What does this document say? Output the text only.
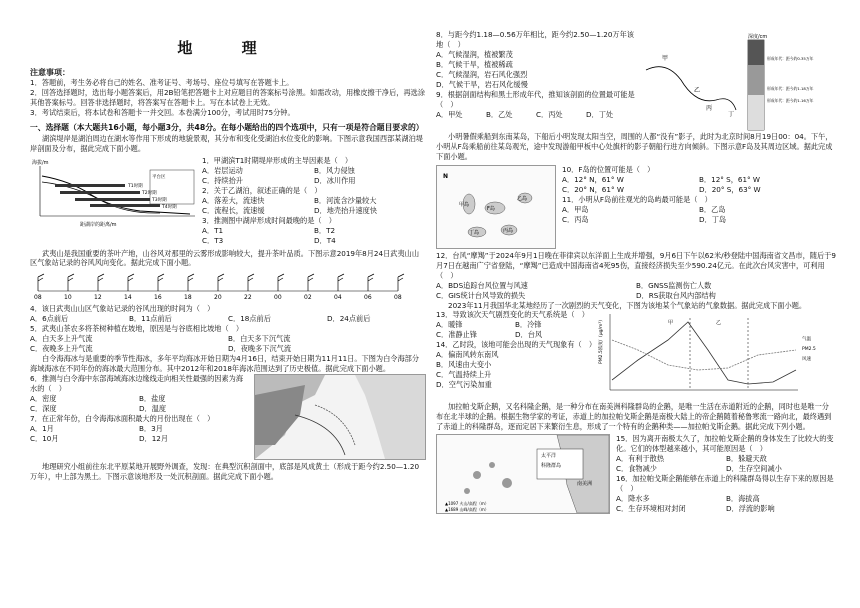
地 理

注意事项：

1．答题前，考生务必将自己的姓名、准考证号、考场号、座位号填写在答题卡上。

2．回答选择题时，选出每小题答案后，用2B铅笔把答题卡上对应题目的答案标号涂黑。如需改动，用橡皮擦干净后，再选涂其他答案标号。回答非选择题时，将答案写在答题卡上。写在本试卷上无效。

3．考试结束后，将本试卷和答题卡一并交回。本卷满分100分，考试用时75分钟。

一、选择题（本大题共16小题，每小题3分，共48分。在每小题给出的四个选项中，只有一项是符合题目要求的）

湖滨堤岸是湖泊周边在湖水等作用下形成的地貌景观，其分布和变化受湖泊水位变化的影响。下图示意我国西部某湖泊堤岸剖面及分布，据此完成下面小题。

海拔/m
平台区
T1时期
T2时期
T3时期
T4时期
距湖岸的距离/m

1．甲湖滨T1时期堤岸形成的主导因素是（　）

A．岩层运动	B．风力侵蚀
C．持续抬升	D．冰川作用

2．关于乙湖泊，叙述正确的是（　）

A．落差大，流速快	B．河流含沙量较大
C．流程长，流速缓	D．地壳抬升速度快

3．推测图中湖岸形成时间最晚的是（　）

A．T1	B．T2
C．T3	D．T4

武夷山是我国重要的茶叶产地，山谷风对那里的云雾形成影响较大，提升茶叶品质。下图示意2019年8月24日武夷山山区气象站记录的谷风风向变化。据此完成下面小题。

08	10	12	14	16	18	20	22	00	02	04	06	08

4．该日武夷山山区气象站记录的谷风出现的时间为（　）

A．6点前后	B．11点前后	C．18点前后	D．24点前后

5．武夷山茶农多将茶树种植在坡地，原因是与谷底相比坡地（　）

A．白天多上升气流	B．白天多下沉气流
C．夜晚多上升气流	D．夜晚多下沉气流

白令海海冰与是重要的季节性海冰，多年平均海冰开始日期为4月16日，结束开始日期为11月11日。下图为白令海部分海域海冰在不同年份的海冰最大范围分布。其中2012年和2018年海冰范围达到了历史极值。据此完成下面小题。

6．推测与白令海中东部海域海冰边缘线走向相关性最强的因素为海水的（　）

A．密度	B．盐度
C．深度	D．温度

7．在正常年份，白令海海冰面积最大的月份出现在（　）

A．1月	B．3月
C．10月	D．12月

地理研究小组前往东北平原某地开展野外调查，发现：在典型沉积剖面中，底部是风成黄土（形成于距今约2.50—1.20万年），中上部为黑土。下图示意该地形及一处沉积剖面。据此完成下面小题。

8．与距今约1.18—0.56万年相比，距今约2.50—1.20万年该地（　）

A．气候湿润，植被繁茂

B．气候干旱，植被稀疏

C．气候湿润，岩石风化强烈

D．气候干旱，岩石风化缓慢

9．根据剖面结构和黑土形成年代，推知该剖面的位置最可能是（　）

A．甲处	B．乙处	C．丙处	D．丁处
甲
乙
丙
丁
深度/cm
形成年代：距今约0.35万年
形成年代：距今约1.18万年
形成年代：距今约1.16万年

小明暑假乘船到东南某岛，下船后小明发现太阳当空，周围的人都“没有”影子，此时为北京时间8月19日00：04。下午，小明从F岛乘船前往某岛观光，途中发现游船甲板中心处旗杆的影子朝船行进方向倾斜。下图示意F岛及其周边区域。据此完成下面小题。

N
甲岛
F岛
乙岛
丙岛
丁岛

10．F岛的位置可能是（　）

A．12° N，61° W	B．12° S，61° W
C．20° N，61° W	D．20° S，63° W

11．小明从F岛前往观光的岛屿最可能是（　）

A．甲岛	B．乙岛
C．丙岛	D．丁岛

12．台风“摩羯”于2024年9月1日晚在菲律宾以东洋面上生成并增强，9月6日下午以62米/秒登陆中国海南省文昌市，随后于9月7日在越南广宁省登陆，“摩羯”已造成中国海南省4死95伤，直接经济损失至少590.24亿元。在此次台风灾害中，可利用（　）

A．BDS追踪台风位置与风速	B．GNSS监测伤亡人数
C．GIS统计台风导致的损失	D．RS获取台风内部结构

2023年11月我国华北某地经历了一次剧烈的天气变化，下图为该地某个气象站的气象数据。据此完成下面小题。

13．导致该次天气剧烈变化的天气系统是（　）

A．暖锋	B．冷锋
C．准静止锋	D．台风

14．乙时段，该地可能会出现的天气现象有（　）

A．偏南风转东南风

B．风速由大变小

C．气温持续上升

D．空气污染加重

PM2.5浓度/（μg/m³）	甲	乙
气温
PM2.5
风速

加拉帕戈斯企鹅，又名科隆企鹅，是一种分布在南美洲科隆群岛的企鹅，是唯一生活在赤道附近的企鹅，同时也是唯一分布在北半球的企鹅。根据生物学家的考证，赤道上的加拉帕戈斯企鹅是南极大陆上的帝企鹅随着秘鲁寒流一路向北，最终遇到了赤道上的科隆群岛，逐而定居下来繁衍生息，形成了一个特有的企鹅种类——加拉帕戈斯企鹅。据此完成下列小题。

太平洋
科隆群岛
南美洲
▲1097 火山/高程（m）
▲1689 山峰/高程（m）

15．因为离开南极太久了，加拉帕戈斯企鹅的身体发生了比较大的变化。它们的体型越来越小，其可能原因是（　）

A．有利于散热	B．躲避天敌
C．食物减少	D．生存空间减小

16．加拉帕戈斯企鹅能够在赤道上的科隆群岛得以生存下来的原因是（　）

A．降水多	B．海拔高
C．生存环境相对封闭	D．浮流的影响
